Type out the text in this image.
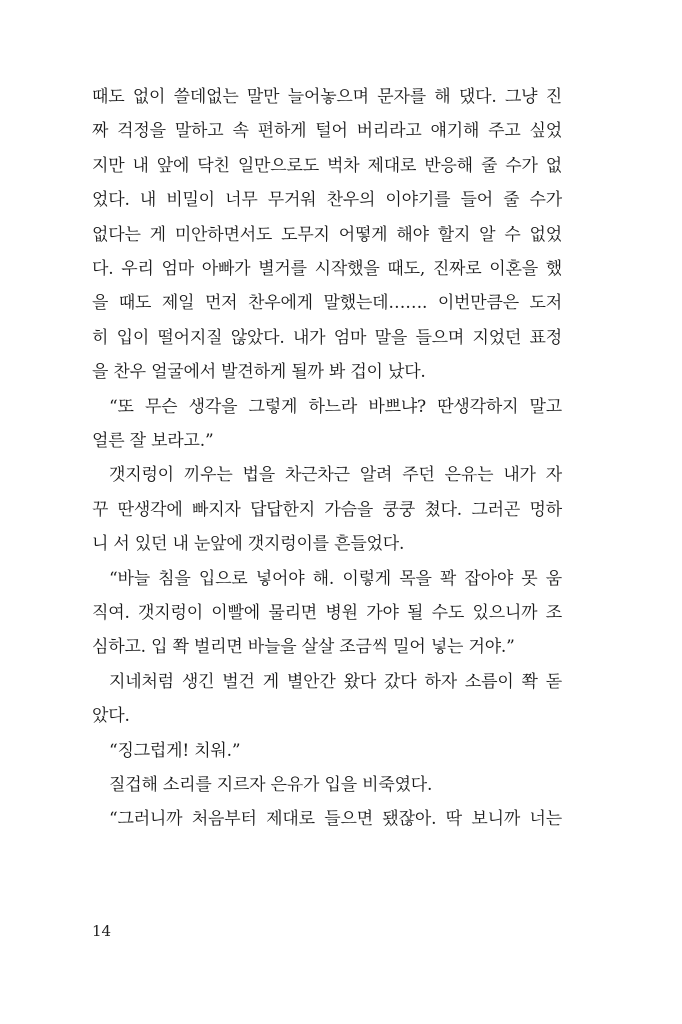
때도 없이 쓸데없는 말만 늘어놓으며 문자를 해 댔다. 그냥 진
짜 걱정을 말하고 속 편하게 털어 버리라고 얘기해 주고 싶었
지만 내 앞에 닥친 일만으로도 벅차 제대로 반응해 줄 수가 없
었다. 내 비밀이 너무 무거워 찬우의 이야기를 들어 줄 수가
없다는 게 미안하면서도 도무지 어떻게 해야 할지 알 수 없었
다. 우리 엄마 아빠가 별거를 시작했을 때도, 진짜로 이혼을 했
을 때도 제일 먼저 찬우에게 말했는데……. 이번만큼은 도저
히 입이 떨어지질 않았다. 내가 엄마 말을 들으며 지었던 표정
을 찬우 얼굴에서 발견하게 될까 봐 겁이 났다.
“또 무슨 생각을 그렇게 하느라 바쁘냐? 딴생각하지 말고
얼른 잘 보라고.”
갯지렁이 끼우는 법을 차근차근 알려 주던 은유는 내가 자
꾸 딴생각에 빠지자 답답한지 가슴을 쿵쿵 쳤다. 그러곤 멍하
니 서 있던 내 눈앞에 갯지렁이를 흔들었다.
“바늘 침을 입으로 넣어야 해. 이렇게 목을 꽉 잡아야 못 움
직여. 갯지렁이 이빨에 물리면 병원 가야 될 수도 있으니까 조
심하고. 입 쫙 벌리면 바늘을 살살 조금씩 밀어 넣는 거야.”
지네처럼 생긴 벌건 게 별안간 왔다 갔다 하자 소름이 쫙 돋
았다.
“징그럽게! 치워.”
질겁해 소리를 지르자 은유가 입을 비죽였다.
“그러니까 처음부터 제대로 들으면 됐잖아. 딱 보니까 너는
14
